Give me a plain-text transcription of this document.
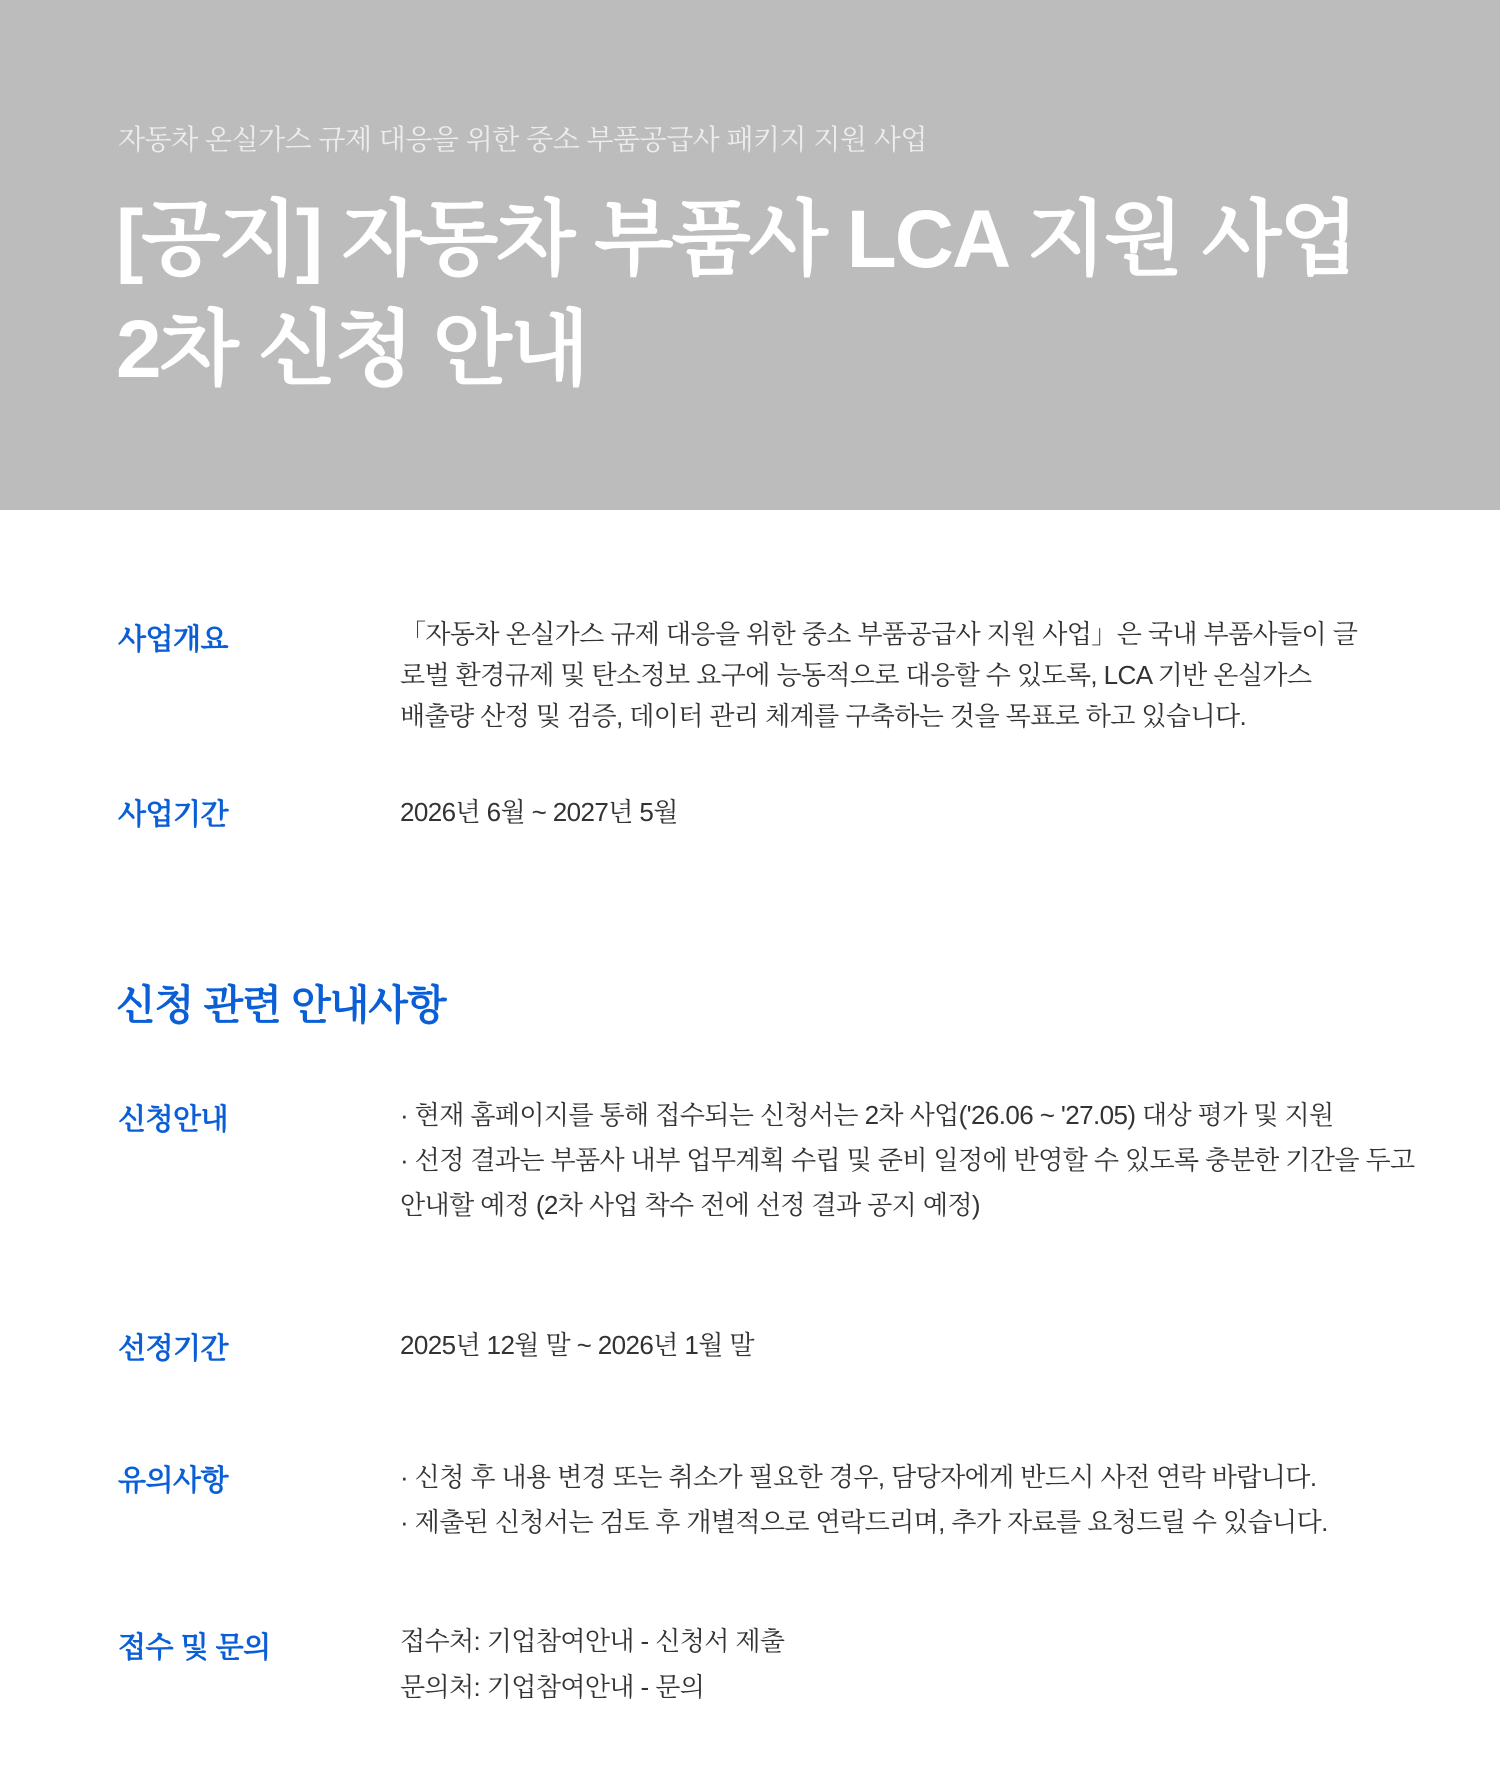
자동차 온실가스 규제 대응을 위한 중소 부품공급사 패키지 지원 사업
[공지] 자동차 부품사 LCA 지원 사업
2차 신청 안내
사업개요	「자동차 온실가스 규제 대응을 위한 중소 부품공급사 지원 사업」은 국내 부품사들이 글
로벌 환경규제 및 탄소정보 요구에 능동적으로 대응할 수 있도록, LCA 기반 온실가스
배출량 산정 및 검증, 데이터 관리 체계를 구축하는 것을 목표로 하고 있습니다.
사업기간	2026년 6월 ~ 2027년 5월
신청 관련 안내사항
신청안내	· 현재 홈페이지를 통해 접수되는 신청서는 2차 사업('26.06 ~ '27.05) 대상 평가 및 지원
· 선정 결과는 부품사 내부 업무계획 수립 및 준비 일정에 반영할 수 있도록 충분한 기간을 두고
안내할 예정 (2차 사업 착수 전에 선정 결과 공지 예정)
선정기간	2025년 12월 말 ~ 2026년 1월 말
유의사항	· 신청 후 내용 변경 또는 취소가 필요한 경우, 담당자에게 반드시 사전 연락 바랍니다.
· 제출된 신청서는 검토 후 개별적으로 연락드리며, 추가 자료를 요청드릴 수 있습니다.
접수 및 문의	접수처: 기업참여안내 - 신청서 제출
문의처: 기업참여안내 - 문의
